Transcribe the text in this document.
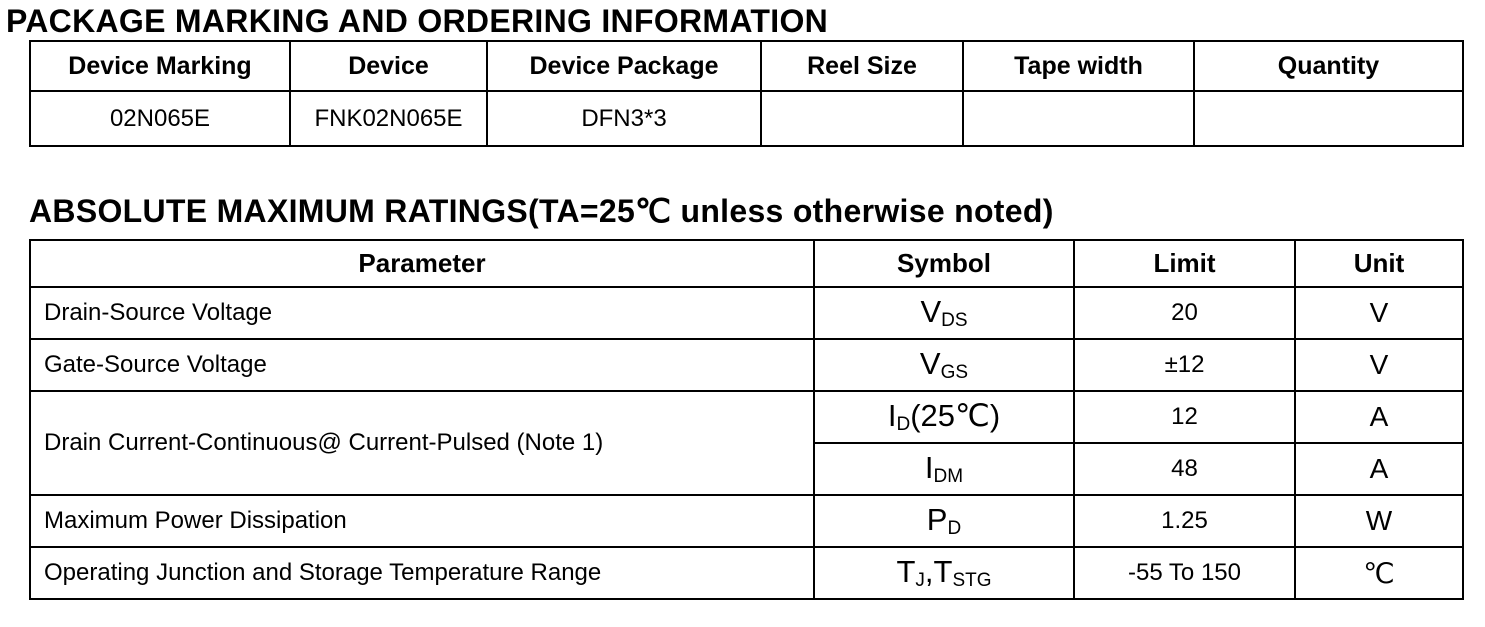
PACKAGE MARKING AND ORDERING INFORMATION
Device Marking	Device	Device Package	Reel Size	Tape width	Quantity
02N065E	FNK02N065E	DFN3*3			
ABSOLUTE MAXIMUM RATINGS(TA=25℃ unless otherwise noted)
Parameter	Symbol	Limit	Unit
Drain-Source Voltage	VDS	20	V
Gate-Source Voltage	VGS	±12	V
Drain Current-Continuous@ Current-Pulsed (Note 1)	ID(25℃)	12	A
	IDM	48	A
Maximum Power Dissipation	PD	1.25	W
Operating Junction and Storage Temperature Range	TJ,TSTG	-55 To 150	℃
